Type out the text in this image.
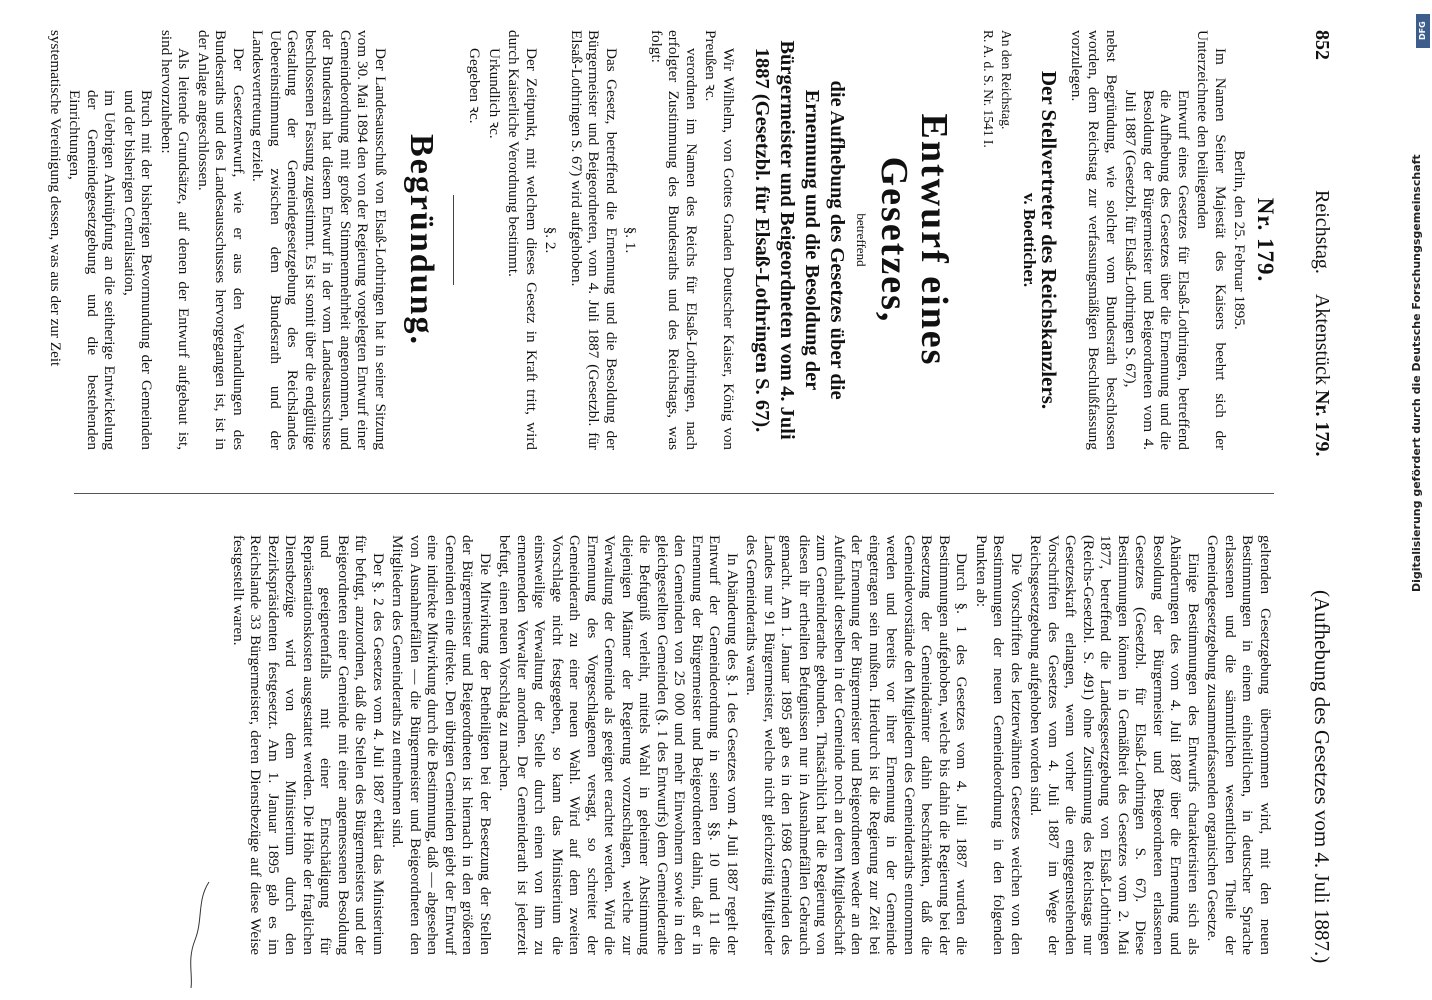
852
Reichstag.    Aktenstück Nr. 179.
(Aufhebung des Gesetzes vom 4. Juli 1887.)
Nr. 179.

Berlin, den 25. Februar 1895.

Im Namen Seiner Majestät des Kaisers beehrt sich der Unterzeichnete den beiliegenden

Entwurf eines Gesetzes für Elsaß-Lothringen, betreffend die Aufhebung des Gesetzes über die Ernennung und die Besoldung der Bürgermeister und Beigeordneten vom 4. Juli 1887 (Gesetzbl. für Elsaß-Lothringen S. 67),

nebst Begründung, wie solcher vom Bundesrath beschlossen worden, dem Reichstag zur verfassungsmäßigen Beschlußfassung vorzulegen.

Der Stellvertreter des Reichskanzlers.
v. Boetticher.

An den Reichstag.

R. A. d. S. Nr. 1541 I.

Entwurf eines Gesetzes,
betreffend
die Aufhebung des Gesetzes über die Ernennung und die Besoldung der Bürgermeister und Beigeordneten vom 4. Juli 1887 (Gesetzbl. für Elsaß-Lothringen S. 67).

Wir Wilhelm, von Gottes Gnaden Deutscher Kaiser, König von Preußen ꝛc.

verordnen im Namen des Reichs für Elsaß-Lothringen, nach erfolgter Zustimmung des Bundesraths und des Reichstags, was folgt:

§. 1.

Das Gesetz, betreffend die Ernennung und die Besoldung der Bürgermeister und Beigeordneten, vom 4. Juli 1887 (Gesetzbl. für Elsaß-Lothringen S. 67) wird aufgehoben.

§. 2.

Der Zeitpunkt, mit welchem dieses Gesetz in Kraft tritt, wird durch Kaiserliche Verordnung bestimmt.

Urkundlich ꝛc.

Gegeben ꝛc.

Begründung.

Der Landesausschuß von Elsaß-Lothringen hat in seiner Sitzung vom 30. Mai 1894 den von der Regierung vorgelegten Entwurf einer Gemeindeordnung mit großer Stimmenmehrheit angenommen, und der Bundesrath hat diesem Entwurf in der vom Landesausschusse beschlossenen Fassung zugestimmt. Es ist somit über die endgültige Gestaltung der Gemeindegesetzgebung des Reichslandes Uebereinstimmung zwischen dem Bundesrath und der Landesvertretung erzielt.

Der Gesetzentwurf, wie er aus den Verhandlungen des Bundesraths und des Landesausschusses hervorgegangen ist, ist in der Anlage angeschlossen.

Als leitende Grundsätze, auf denen der Entwurf aufgebaut ist, sind hervorzuheben:

Bruch mit der bisherigen Bevormundung der Gemeinden und der bisherigen Centralisation,

im Uebrigen Anknüpfung an die seitherige Entwickelung der Gemeindegesetzgebung und die bestehenden Einrichtungen,

systematische Vereinigung dessen, was aus der zur Zeit

geltenden Gesetzgebung übernommen wird, mit den neuen Bestimmungen in einem einheitlichen, in deutscher Sprache erlassenen und die sämmtlichen wesentlichen Theile der Gemeindegesetzgebung zusammenfassenden organischen Gesetze.

Einige Bestimmungen des Entwurfs charakterisiren sich als Abänderungen des vom 4. Juli 1887 über die Ernennung und Besoldung der Bürgermeister und Beigeordneten erlassenen Gesetzes (Gesetzbl. für Elsaß-Lothringen S. 67). Diese Bestimmungen können in Gemäßheit des Gesetzes vom 2. Mai 1877, betreffend die Landesgesetzgebung von Elsaß-Lothringen (Reichs-Gesetzbl. S. 491) ohne Zustimmung des Reichstags nur Gesetzeskraft erlangen, wenn vorher die entgegenstehenden Vorschriften des Gesetzes vom 4. Juli 1887 im Wege der Reichsgesetzgebung aufgehoben worden sind.

Die Vorschriften des letzterwähnten Gesetzes weichen von den Bestimmungen der neuen Gemeindeordnung in den folgenden Punkten ab:

Durch §. 1 des Gesetzes vom 4. Juli 1887 wurden die Bestimmungen aufgehoben, welche bis dahin die Regierung bei der Besetzung der Gemeindeämter dahin beschränkten, daß die Gemeindevorstände den Mitgliedern des Gemeinderaths entnommen werden und bereits vor ihrer Ernennung in der Gemeinde eingetragen sein mußten. Hierdurch ist die Regierung zur Zeit bei der Ernennung der Bürgermeister und Beigeordneten weder an den Aufenthalt derselben in der Gemeinde noch an deren Mitgliedschaft zum Gemeinderathe gebunden. Thatsächlich hat die Regierung von diesen ihr ertheilten Befugnissen nur in Ausnahmefällen Gebrauch gemacht. Am 1. Januar 1895 gab es in den 1698 Gemeinden des Landes nur 91 Bürgermeister, welche nicht gleichzeitig Mitglieder des Gemeinderaths waren.

In Abänderung des §. 1 des Gesetzes vom 4. Juli 1887 regelt der Entwurf der Gemeindeordnung in seinen §§. 10 und 11 die Ernennung der Bürgermeister und Beigeordneten dahin, daß er in den Gemeinden von 25 000 und mehr Einwohnern sowie in den gleichgestellten Gemeinden (§. 1 des Entwurfs) dem Gemeinderathe die Befugniß verleiht, mittels Wahl in geheimer Abstimmung diejenigen Männer der Regierung vorzuschlagen, welche zur Verwaltung der Gemeinde als geeignet erachtet werden. Wird die Ernennung des Vorgeschlagenen versagt, so schreitet der Gemeinderath zu einer neuen Wahl. Wird auf dem zweiten Vorschlage nicht festgegeben, so kann das Ministerium die einstweilige Verwaltung der Stelle durch einen von ihm zu ernennenden Verwalter anordnen. Der Gemeinderath ist jederzeit befugt, einen neuen Vorschlag zu machen.

Die Mitwirkung der Betheiligten bei der Besetzung der Stellen der Bürgermeister und Beigeordneten ist hiernach in den größeren Gemeinden eine direkte. Den übrigen Gemeinden giebt der Entwurf eine indirekte Mitwirkung durch die Bestimmung, daß — abgesehen von Ausnahmefällen — die Bürgermeister und Beigeordneten den Mitgliedern des Gemeinderaths zu entnehmen sind.

Der §. 2 des Gesetzes vom 4. Juli 1887 erklärt das Ministerium für befugt, anzuordnen, daß die Stellen des Bürgermeisters und der Beigeordneten einer Gemeinde mit einer angemessenen Besoldung und geeignetenfalls mit einer Entschädigung für Repräsentationskosten ausgestattet werden. Die Höhe der fraglichen Dienstbezüge wird von dem Ministerium durch den Bezirkspräsidenten festgesetzt. Am 1. Januar 1895 gab es im Reichslande 33 Bürgermeister, deren Dienstbezüge auf diese Weise festgestellt waren.	Digitalisierung gefördert durch die Deutsche Forschungsgemeinschaft
DFG
